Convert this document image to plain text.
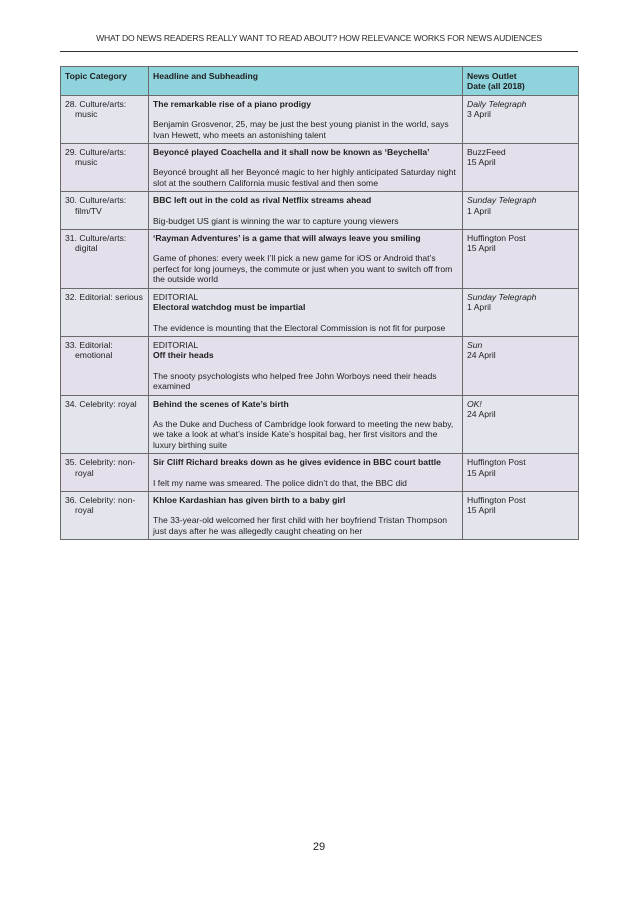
WHAT DO NEWS READERS REALLY WANT TO READ ABOUT? HOW RELEVANCE WORKS FOR NEWS AUDIENCES
Topic Category	Headline and Subheading	News Outlet
Date (all 2018)

28. Culture/arts: music	The remarkable rise of a piano prodigy
Benjamin Grosvenor, 25, may be just the best young pianist in the world, says Ivan Hewett, who meets an astonishing talent	Daily Telegraph
3 April

29. Culture/arts: music	Beyoncé played Coachella and it shall now be known as ‘Beychella’
Beyoncé brought all her Beyoncé magic to her highly anticipated Saturday night slot at the southern California music festival and then some	BuzzFeed
15 April

30. Culture/arts: film/TV	BBC left out in the cold as rival Netflix streams ahead
Big-budget US giant is winning the war to capture young viewers	Sunday Telegraph
1 April

31. Culture/arts: digital	‘Rayman Adventures’ is a game that will always leave you smiling
Game of phones: every week I’ll pick a new game for iOS or Android that’s perfect for long journeys, the commute or just when you want to switch off from the outside world	Huffington Post
15 April

32. Editorial: serious	EDITORIAL
Electoral watchdog must be impartial
The evidence is mounting that the Electoral Commission is not fit for purpose	Sunday Telegraph
1 April

33. Editorial: emotional	EDITORIAL
Off their heads
The snooty psychologists who helped free John Worboys need their heads examined	Sun
24 April

34. Celebrity: royal	Behind the scenes of Kate’s birth
As the Duke and Duchess of Cambridge look forward to meeting the new baby, we take a look at what’s inside Kate’s hospital bag, her first visitors and the luxury birthing suite	OK!
24 April

35. Celebrity: non-royal	Sir Cliff Richard breaks down as he gives evidence in BBC court battle
I felt my name was smeared. The police didn’t do that, the BBC did	Huffington Post
15 April

36. Celebrity: non-royal	Khloe Kardashian has given birth to a baby girl
The 33-year-old welcomed her first child with her boyfriend Tristan Thompson just days after he was allegedly caught cheating on her	Huffington Post
15 April
29
